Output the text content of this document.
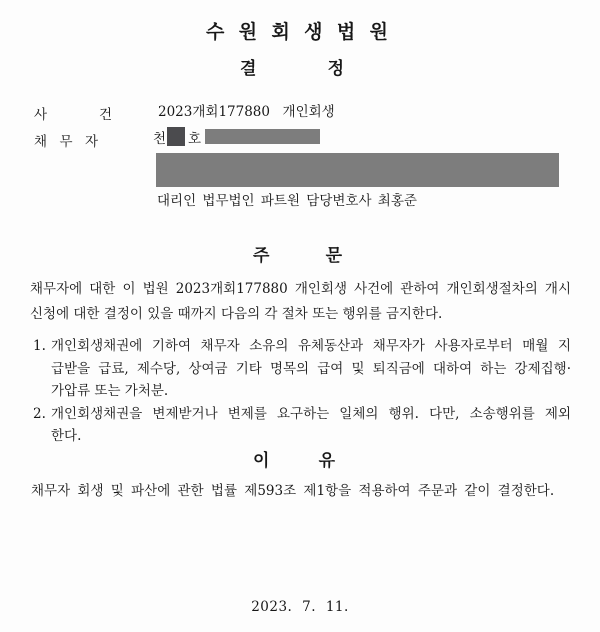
수 원 회 생 법 원
결	정
사	건	2023개회177880  개인회생
채 무 자	천 호
대리인 법무법인 파트원 담당변호사 최홍준
주	문
채무자에 대한 이 법원 2023개회177880 개인회생 사건에 관하여 개인회생절차의 개시
신청에 대한 결정이 있을 때까지 다음의 각 절차 또는 행위를 금지한다.
1. 개인회생채권에 기하여 채무자 소유의 유체동산과 채무자가 사용자로부터 매월 지
급받을 급료, 제수당, 상여금 기타 명목의 급여 및 퇴직금에 대하여 하는 강제집행·
가압류 또는 가처분.
2. 개인회생채권을 변제받거나 변제를 요구하는 일체의 행위. 다만, 소송행위를 제외
한다.
이	유
채무자 회생 및 파산에 관한 법률 제593조 제1항을 적용하여 주문과 같이 결정한다.
2023. 7. 11.
